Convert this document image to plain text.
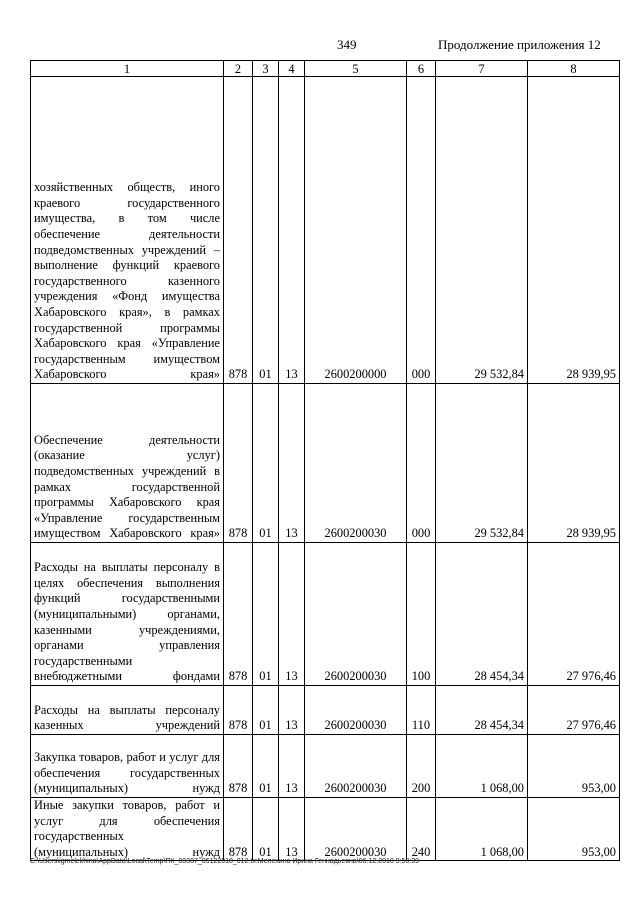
349	Продолжение приложения 12
1	2	3	4	5	6	7	8

хозяйственных обществ, иного краевого государственного имущества, в том числе обеспечение деятельности подведомственных учреждений – выполнение функций краевого государственного казенного учреждения «Фонд имущества Хабаровского края», в рамках государственной программы Хабаровского края «Управление государственным имуществом Хабаровского края»	878	01	13	2600200000	000	29 532,84	28 939,95

Обеспечение деятельности (оказание услуг) подведомственных учреждений в рамках государственной программы Хабаровского края «Управление государственным имуществом Хабаровского края»	878	01	13	2600200030	000	29 532,84	28 939,95

Расходы на выплаты персоналу в целях обеспечения выполнения функций государственными (муниципальными) органами, казенными учреждениями, органами управления государственными внебюджетными фондами	878	01	13	2600200030	100	28 454,34	27 976,46

Расходы на выплаты персоналу казенных учреждений	878	01	13	2600200030	110	28 454,34	27 976,46

Закупка товаров, работ и услуг для обеспечения государственных (муниципальных) нужд	878	01	13	2600200030	200	1 068,00	953,00

Иные закупки товаров, работ и услуг для обеспечения государственных (муниципальных) нужд	878	01	13	2600200030	240	1 068,00	953,00
C:\Users\igmelekhina\AppData\Local\Temp\ПК_00387_05122018_012.tx:Мелехина Ирина Геннадьевна\06.12.2018 9:50:39
